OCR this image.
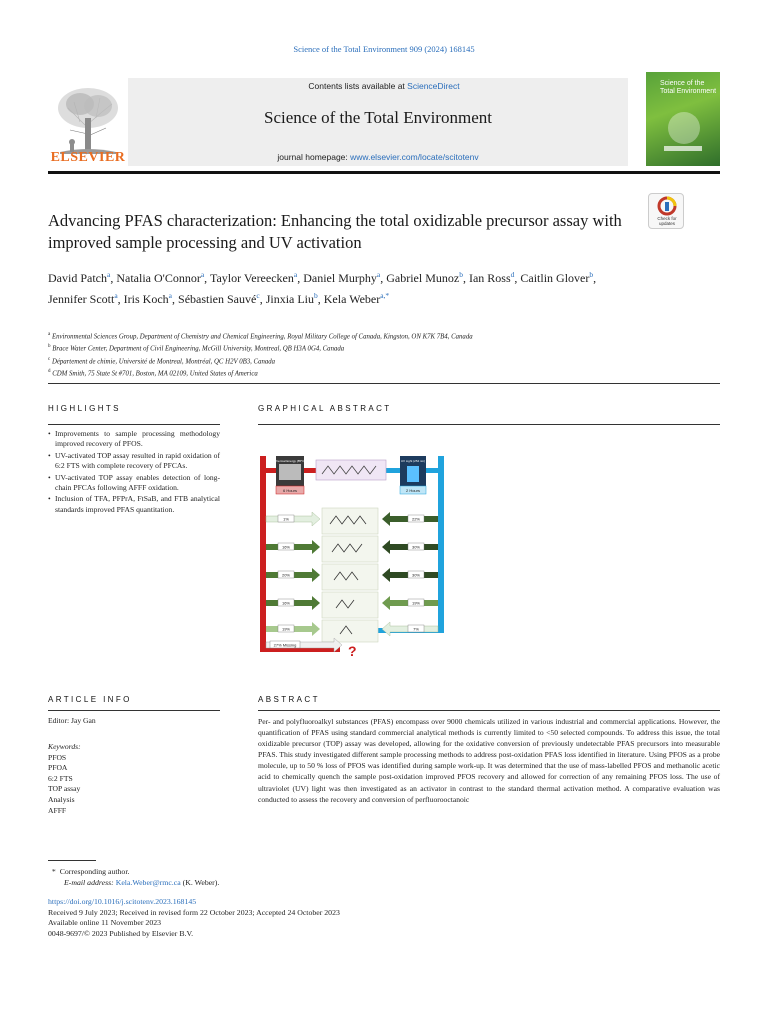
Science of the Total Environment 909 (2024) 168145
Contents lists available at ScienceDirect
Science of the Total Environment
journal homepage: www.elsevier.com/locate/scitotenv
ELSEVIER
Science of the Total Environment
Check for updates
Advancing PFAS characterization: Enhancing the total oxidizable precursor assay with improved sample processing and UV activation
David Patch$^a$, Natalia O'Connor$^a$, Taylor Vereecken$^a$, Daniel Murphy$^a$, Gabriel Munoz$^b$, Ian Ross$^d$, Caitlin Glover$^b$, Jennifer Scott$^a$, Iris Koch$^a$, Sébastien Sauvé$^c$, Jinxia Liu$^b$, Kela Weber$^{a,*}$
$^a$ Environmental Sciences Group, Department of Chemistry and Chemical Engineering, Royal Military College of Canada, Kingston, ON K7K 7B4, Canada
$^b$ Brace Water Center, Department of Civil Engineering, McGill University, Montreal, QB H3A 0G4, Canada
$^c$ Département de chimie, Université de Montreal, Montréal, QC H2V 0B3, Canada
$^d$ CDM Smith, 75 State St #701, Boston, MA 02109, United States of America
HIGHLIGHTS	GRAPHICAL ABSTRACT
ARTICLE INFO	ABSTRACT
• Improvements to sample processing methodology improved recovery of PFOS.
• UV-activated TOP assay resulted in rapid oxidation of 6:2 FTS with complete recovery of PFCAs.
• UV-activated TOP assay enables detection of long-chain PFCAs following AFFF oxidation.
• Inclusion of TFA, PFPrA, FtSaB, and FTB analytical standards improved PFAS quantitation.
Thermal Energy (85°C)
6 Hours
UV Light (254 nm)
2 Hours
1%
16%
20%
16%
19%
22%
30%
30%
19%
7%
27% Missing	?
Editor: Jay Gan
Keywords:
PFOS
PFOA
6:2 FTS
TOP assay
Analysis
AFFF
Per- and polyfluoroalkyl substances (PFAS) encompass over 9000 chemicals utilized in various industrial and commercial applications. However, the quantification of PFAS using standard commercial analytical methods is currently limited to <50 selected compounds. To address this issue, the total oxidizable precursor (TOP) assay was developed, allowing for the oxidative conversion of previously undetectable PFAS precursors into measurable PFAS. This study investigated different sample processing methods to address post-oxidation PFAS loss identified in literature. Using PFOS as a probe molecule, up to 50 % loss of PFOS was identified during sample work-up. It was determined that the use of mass-labelled PFOS and methanolic acetic acid to chemically quench the sample post-oxidation improved PFOS recovery and allowed for correction of any remaining PFOS loss. The use of ultraviolet (UV) light was then investigated as an activator in contrast to the standard thermal activation method. A comparative evaluation was conducted to assess the recovery and conversion of perfluorooctanoic
*  Corresponding author.
E-mail address: Kela.Weber@rmc.ca (K. Weber).
https://doi.org/10.1016/j.scitotenv.2023.168145
Received 9 July 2023; Received in revised form 22 October 2023; Accepted 24 October 2023
Available online 11 November 2023
0048-9697/© 2023 Published by Elsevier B.V.
